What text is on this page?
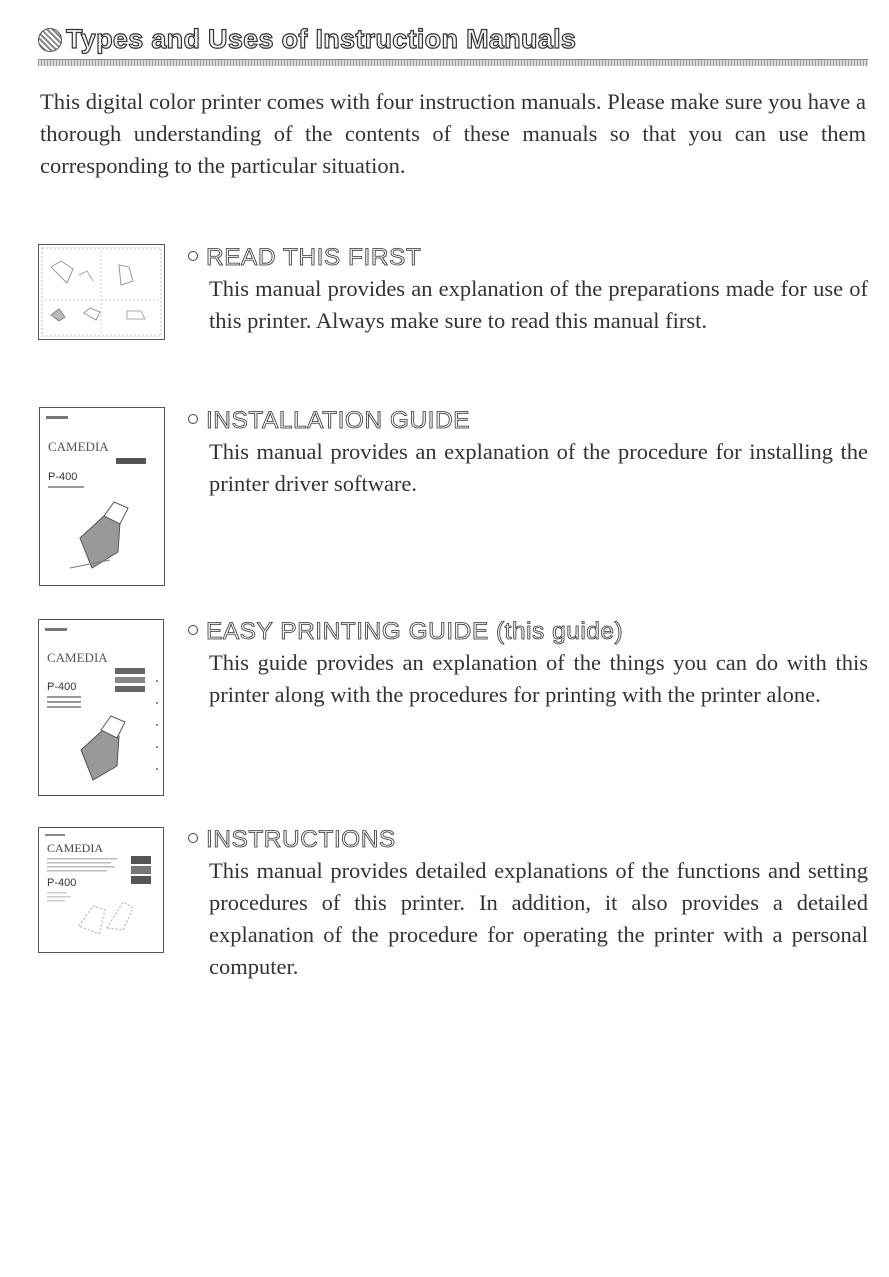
Types and Uses of Instruction Manuals

This digital color printer comes with four instruction manuals. Please make sure you have a thorough understanding of the contents of these manuals so that you can use them corresponding to the particular situation.

CAMEDIA
P-400
CAMEDIA
P-400
CAMEDIA
P-400
READ THIS FIRST
This manual provides an explanation of the preparations made for use of this printer. Always make sure to read this manual first.
INSTALLATION GUIDE
This manual provides an explanation of the procedure for installing the printer driver software.
EASY PRINTING GUIDE (this guide)
This guide provides an explanation of the things you can do with this printer along with the procedures for printing with the printer alone.
INSTRUCTIONS
This manual provides detailed explanations of the functions and setting procedures of this printer. In addition, it also provides a detailed explanation of the procedure for operating the printer with a personal computer.
